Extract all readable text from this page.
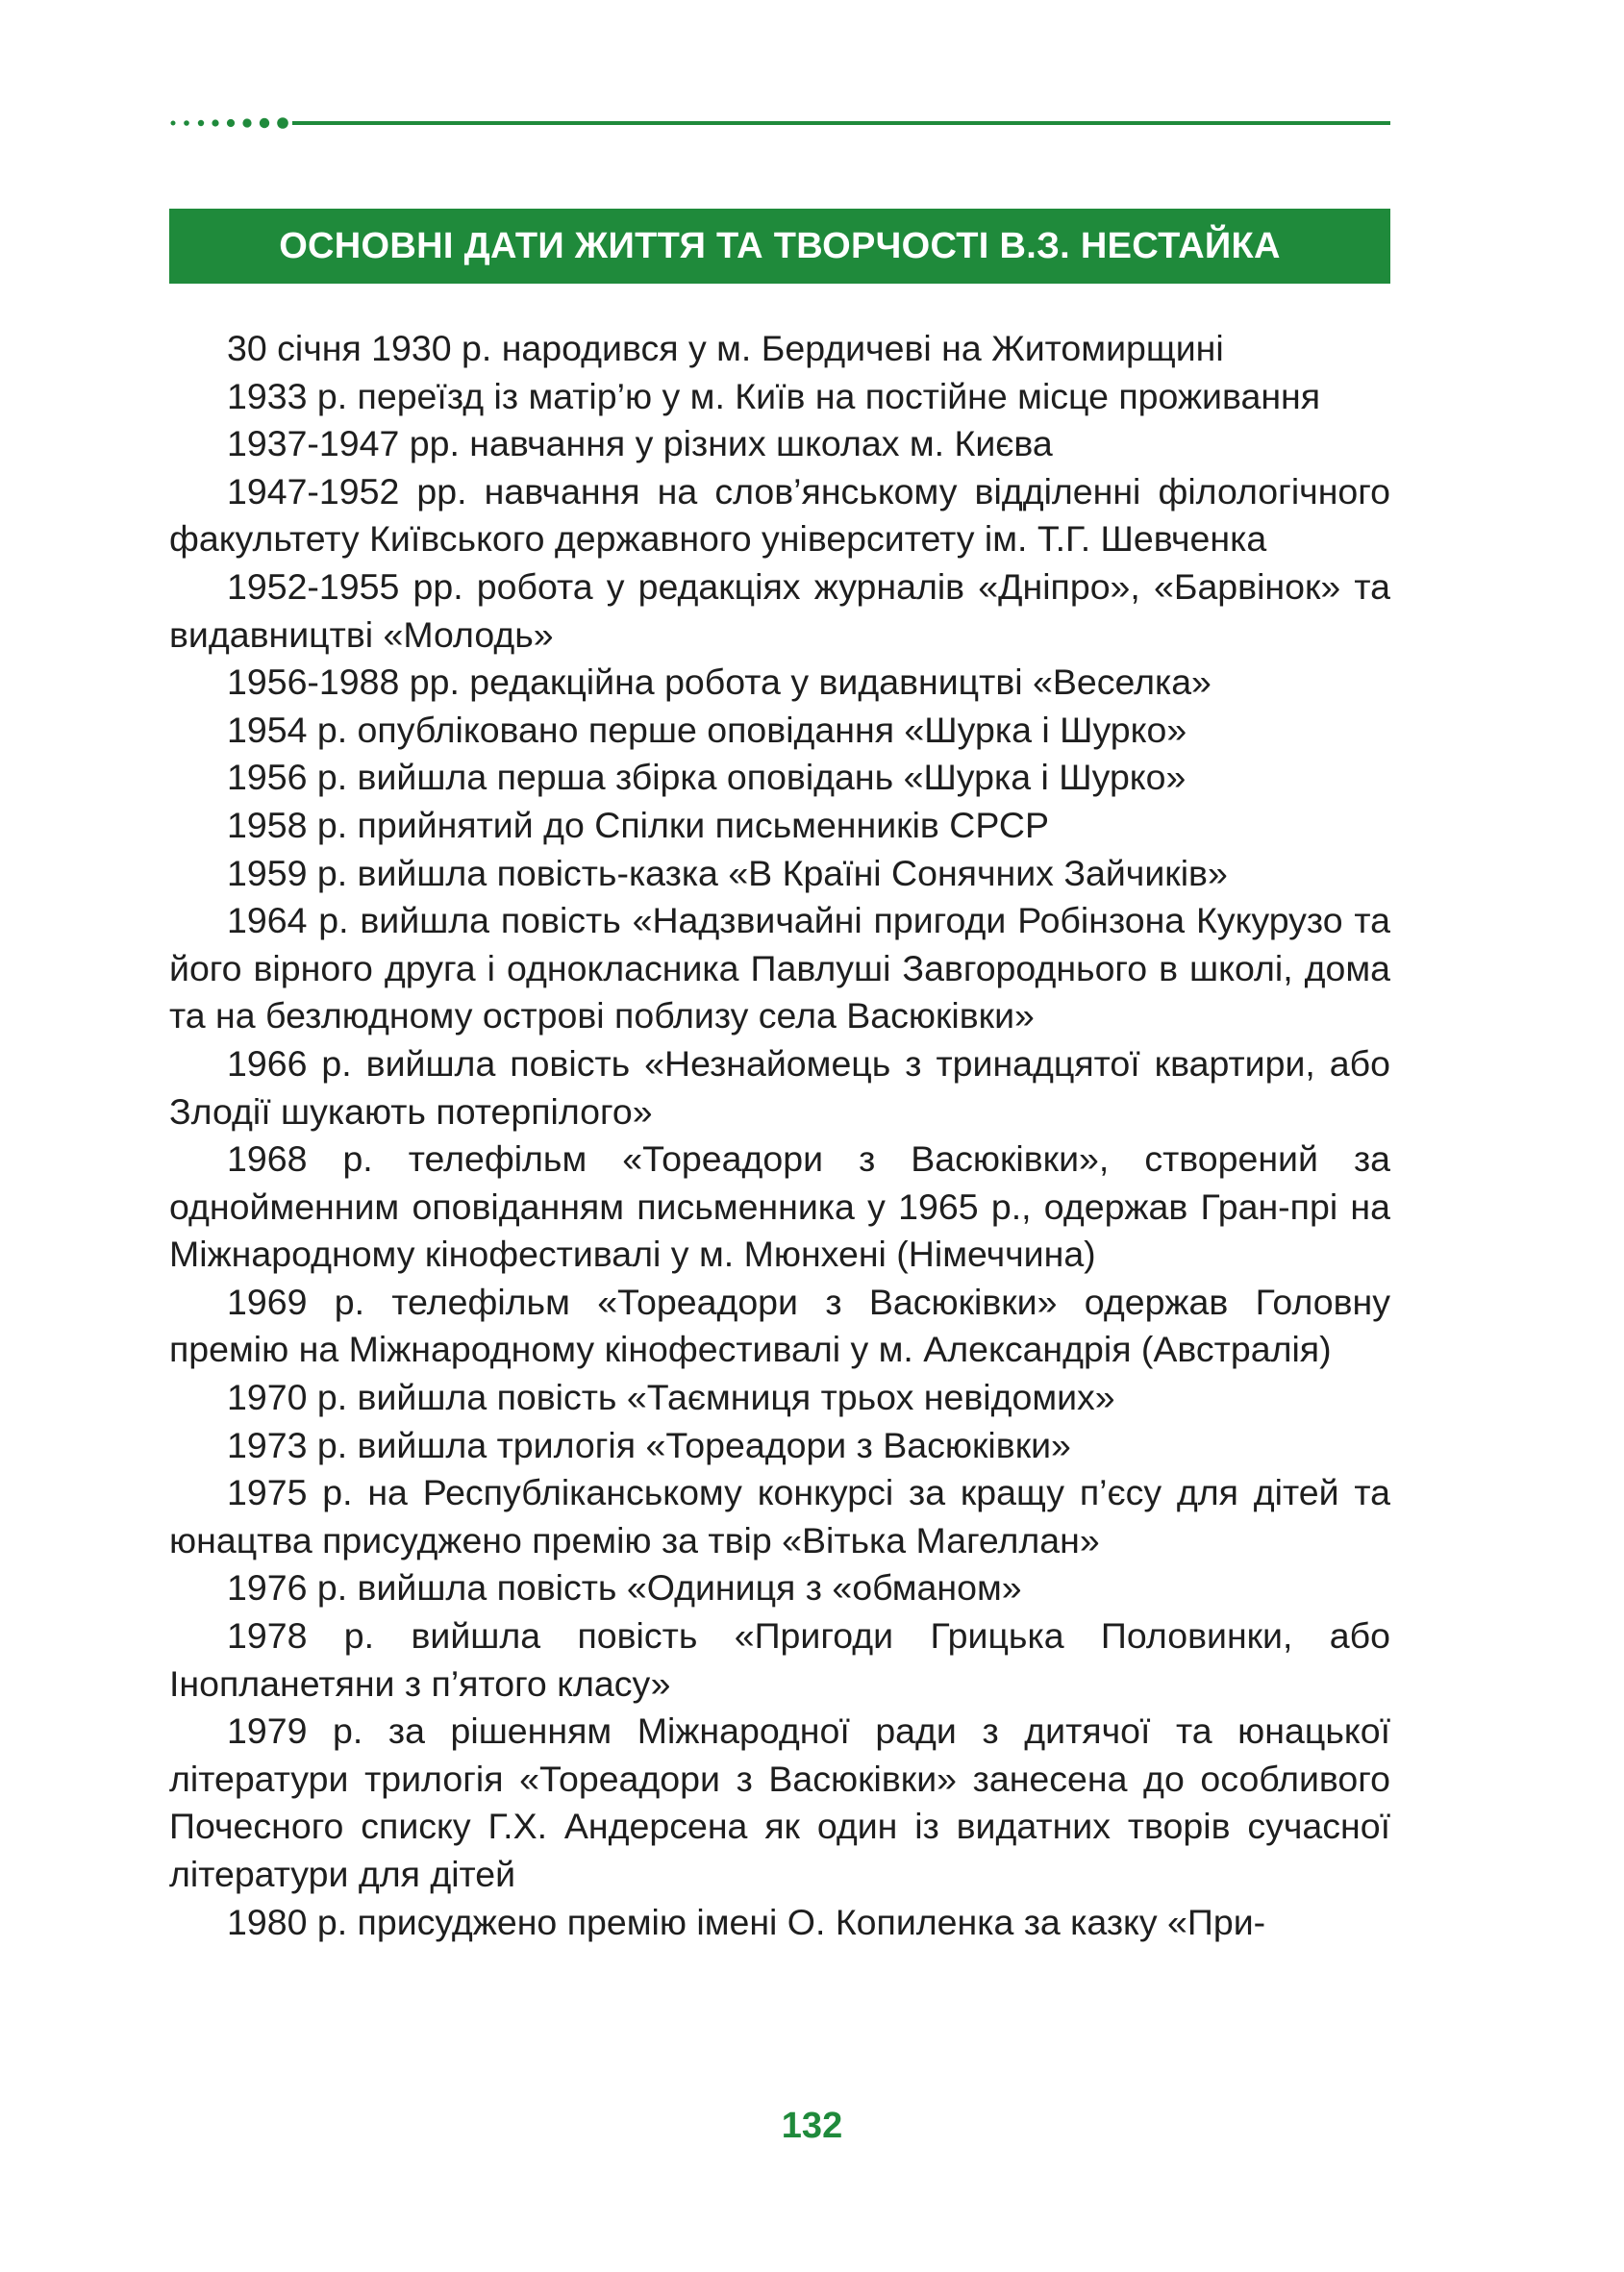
ОСНОВНІ ДАТИ ЖИТТЯ ТА ТВОРЧОСТІ В.З. НЕСТАЙКА
30 січня 1930 р. народився у м. Бердичеві на Житомирщині
1933 р. переїзд із матір’ю у м. Київ на постійне місце проживання
1937-1947 рр. навчання у різних школах м. Києва
1947-1952 рр. навчання на слов’янському відділенні філологічного факультету Київського державного університету ім. Т.Г. Шевченка
1952-1955 рр. робота у редакціях журналів «Дніпро», «Барвінок» та видавництві «Молодь»
1956-1988 рр. редакційна робота у видавництві «Веселка»
1954 р. опубліковано перше оповідання «Шурка і Шурко»
1956 р. вийшла перша збірка оповідань «Шурка і Шурко»
1958 р. прийнятий до Спілки письменників СРСР
1959 р. вийшла повість-казка «В Країні Сонячних Зайчиків»
1964 р. вийшла повість «Надзвичайні пригоди Робінзона Кукурузо та його вірного друга і однокласника Павлуші Завгороднього в школі, дома та на безлюдному острові поблизу села Васюківки»
1966 р. вийшла повість «Незнайомець з тринадцятої квартири, або Злодії шукають потерпілого»
1968 р. телефільм «Тореадори з Васюківки», створений за однойменним оповіданням письменника у 1965 р., одержав Гран-прі на Міжнародному кінофестивалі у м. Мюнхені (Німеччина)
1969 р. телефільм «Тореадори з Васюківки» одержав Головну премію на Міжнародному кінофестивалі у м. Александрія (Австралія)
1970 р. вийшла повість «Таємниця трьох невідомих»
1973 р. вийшла трилогія «Тореадори з Васюківки»
1975 р. на Республіканському конкурсі за кращу п’єсу для дітей та юнацтва присуджено премію за твір «Вітька Магеллан»
1976 р. вийшла повість «Одиниця з «обманом»
1978 р. вийшла повість «Пригоди Грицька Половинки, або Інопланетяни з п’ятого класу»
1979 р. за рішенням Міжнародної ради з дитячої та юнацької літератури трилогія «Тореадори з Васюківки» занесена до особливого Почесного списку Г.Х. Андерсена як один із видатних творів сучасної літератури для дітей
1980 р. присуджено премію імені О. Копиленка за казку «При-
132
